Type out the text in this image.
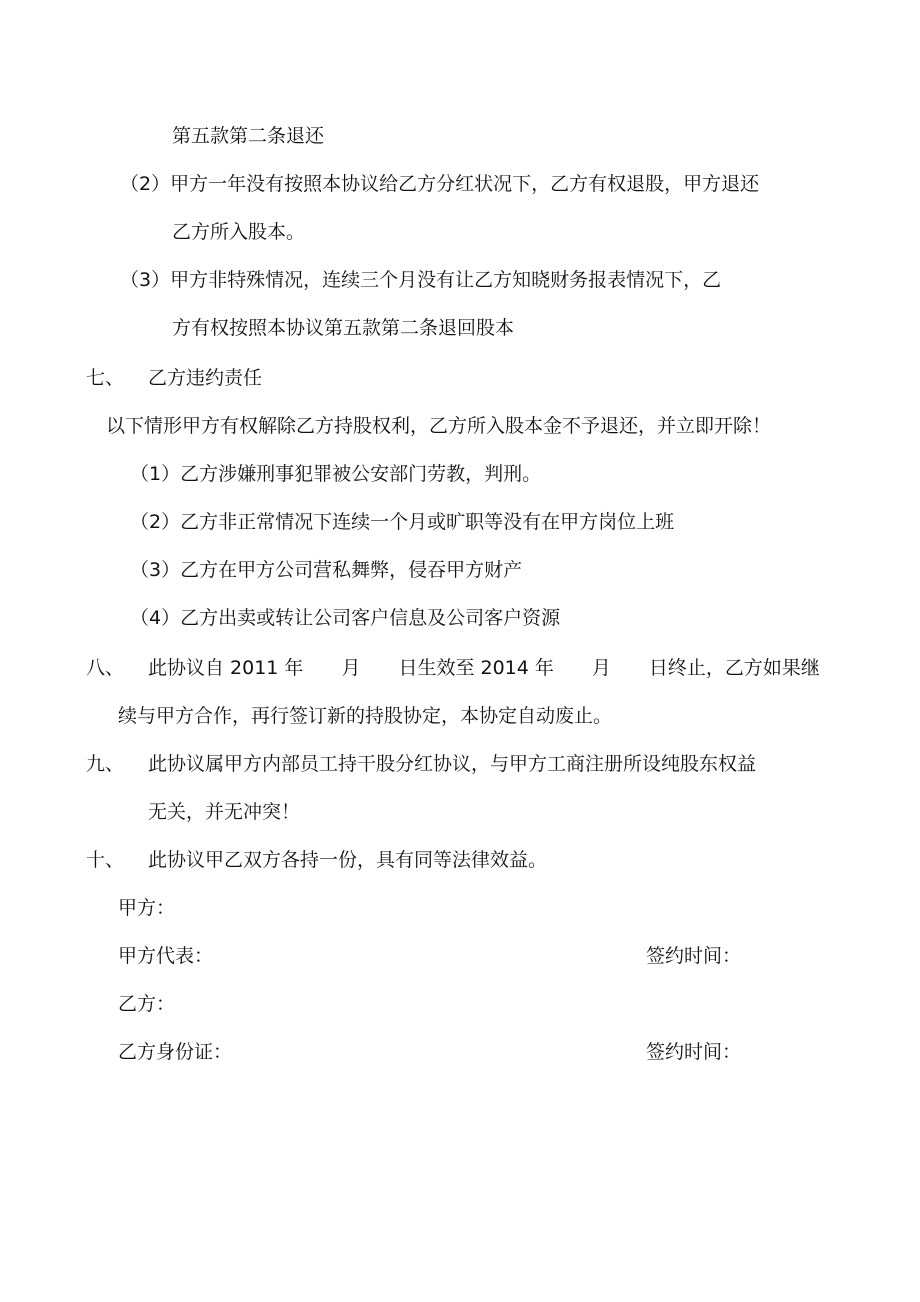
第五款第二条退还
（2）甲方一年没有按照本协议给乙方分红状况下，乙方有权退股，甲方退还
乙方所入股本。
（3）甲方非特殊情况，连续三个月没有让乙方知晓财务报表情况下，乙
方有权按照本协议第五款第二条退回股本
七、 乙方违约责任
以下情形甲方有权解除乙方持股权利，乙方所入股本金不予退还，并立即开除！
（1）乙方涉嫌刑事犯罪被公安部门劳教，判刑。
（2）乙方非正常情况下连续一个月或旷职等没有在甲方岗位上班
（3）乙方在甲方公司营私舞弊，侵吞甲方财产
（4）乙方出卖或转让公司客户信息及公司客户资源
八、 此协议自 2011 年 月 日生效至 2014 年 月 日终止，乙方如果继
续与甲方合作，再行签订新的持股协定，本协定自动废止。
九、 此协议属甲方内部员工持干股分红协议，与甲方工商注册所设纯股东权益
无关，并无冲突！
十、 此协议甲乙双方各持一份，具有同等法律效益。
甲方：
甲方代表：	签约时间：
乙方：
乙方身份证：	签约时间：
